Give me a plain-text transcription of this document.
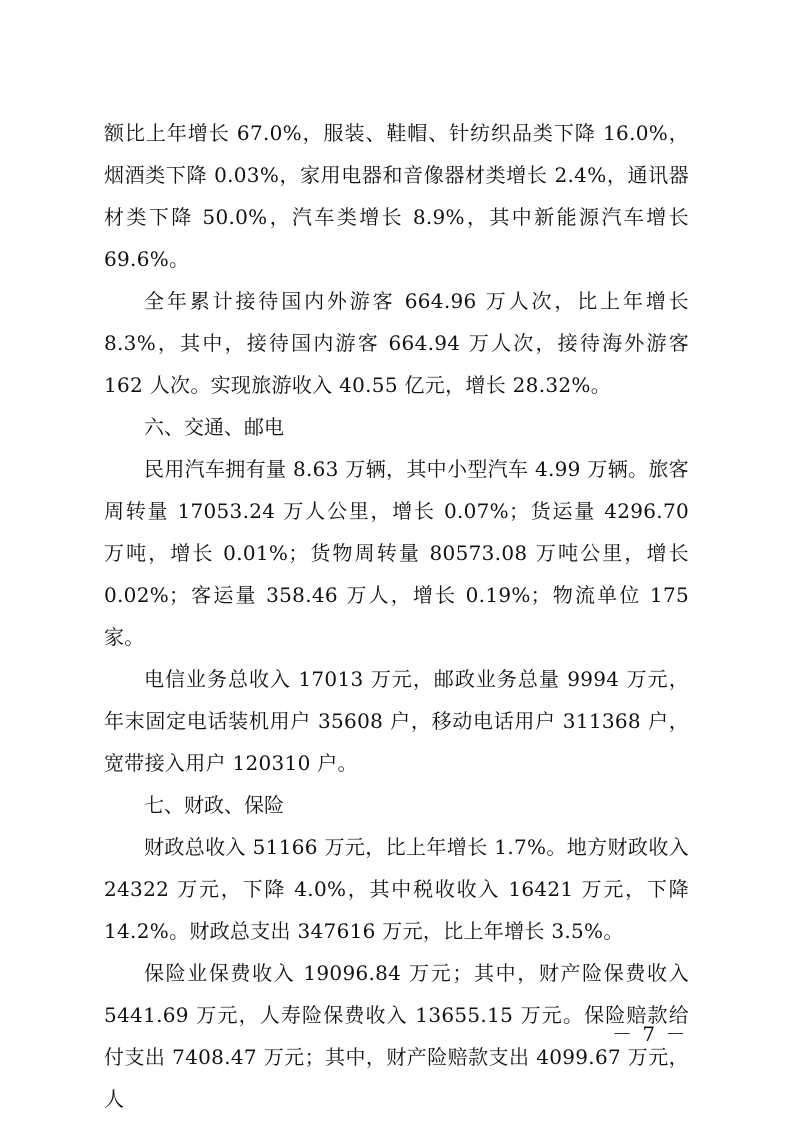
额比上年增长 67.0%，服装、鞋帽、针纺织品类下降 16.0%，烟酒类下降 0.03%，家用电器和音像器材类增长 2.4%，通讯器材类下降 50.0%，汽车类增长 8.9%，其中新能源汽车增长 69.6%。

全年累计接待国内外游客 664.96 万人次，比上年增长 8.3%，其中，接待国内游客 664.94 万人次，接待海外游客 162 人次。实现旅游收入 40.55 亿元，增长 28.32%。

六、交通、邮电

民用汽车拥有量 8.63 万辆，其中小型汽车 4.99 万辆。旅客周转量 17053.24 万人公里，增长 0.07%；货运量 4296.70 万吨，增长 0.01%；货物周转量 80573.08 万吨公里，增长 0.02%；客运量 358.46 万人，增长 0.19%；物流单位 175 家。

电信业务总收入 17013 万元，邮政业务总量 9994 万元，年末固定电话装机用户 35608 户，移动电话用户 311368 户，宽带接入用户 120310 户。

七、财政、保险

财政总收入 51166 万元，比上年增长 1.7%。地方财政收入 24322 万元，下降 4.0%，其中税收收入 16421 万元，下降 14.2%。财政总支出 347616 万元，比上年增长 3.5%。

保险业保费收入 19096.84 万元；其中，财产险保费收入 5441.69 万元，人寿险保费收入 13655.15 万元。保险赔款给付支出 7408.47 万元；其中，财产险赔款支出 4099.67 万元，人

－ 7 －
